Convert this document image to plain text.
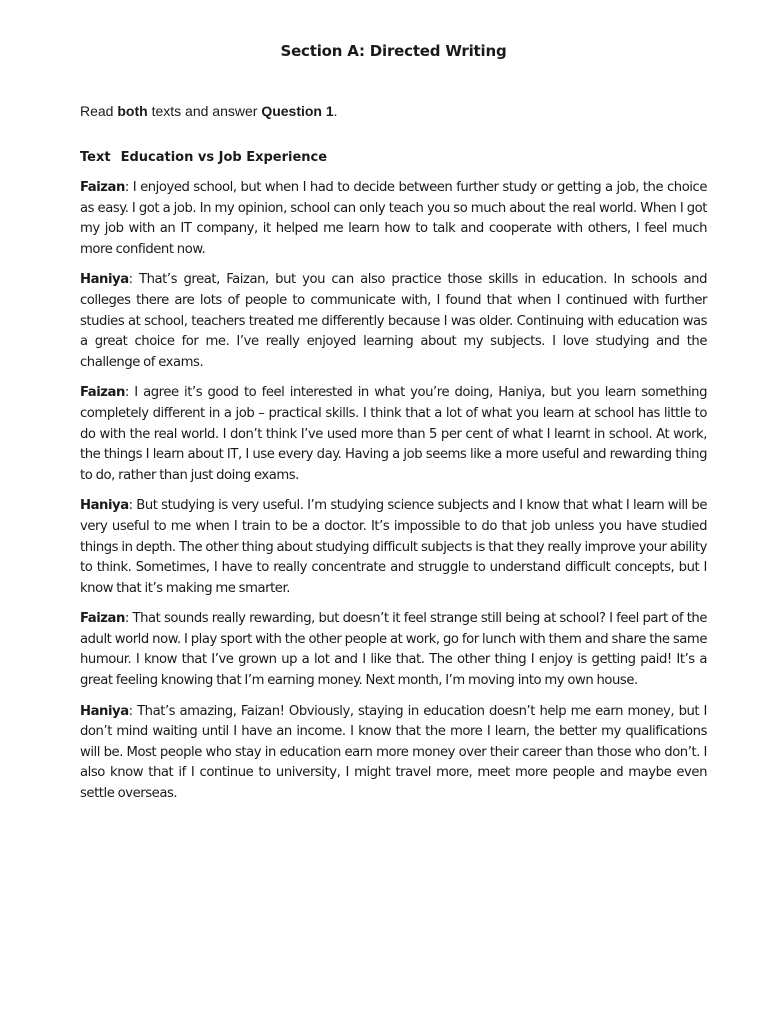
Section A: Directed Writing

Read both texts and answer Question 1.

Text Education vs Job Experience

Faizan: I enjoyed school, but when I had to decide between further study or getting a job, the choice as easy. I got a job. In my opinion, school can only teach you so much about the real world. When I got my job with an IT company, it helped me learn how to talk and cooperate with others, I feel much more confident now.

Haniya: That’s great, Faizan, but you can also practice those skills in education. In schools and colleges there are lots of people to communicate with, I found that when I continued with further studies at school, teachers treated me differently because I was older. Continuing with education was a great choice for me. I’ve really enjoyed learning about my subjects. I love studying and the challenge of exams.

Faizan: I agree it’s good to feel interested in what you’re doing, Haniya, but you learn something completely different in a job – practical skills. I think that a lot of what you learn at school has little to do with the real world. I don’t think I’ve used more than 5 per cent of what I learnt in school. At work, the things I learn about IT, I use every day. Having a job seems like a more useful and rewarding thing to do, rather than just doing exams.

Haniya: But studying is very useful. I’m studying science subjects and I know that what I learn will be very useful to me when I train to be a doctor. It’s impossible to do that job unless you have studied things in depth. The other thing about studying difficult subjects is that they really improve your ability to think. Sometimes, I have to really concentrate and struggle to understand difficult concepts, but I know that it’s making me smarter.

Faizan: That sounds really rewarding, but doesn’t it feel strange still being at school? I feel part of the adult world now. I play sport with the other people at work, go for lunch with them and share the same humour. I know that I’ve grown up a lot and I like that. The other thing I enjoy is getting paid! It’s a great feeling knowing that I’m earning money. Next month, I’m moving into my own house.

Haniya: That’s amazing, Faizan! Obviously, staying in education doesn’t help me earn money, but I don’t mind waiting until I have an income. I know that the more I learn, the better my qualifications will be. Most people who stay in education earn more money over their career than those who don’t. I also know that if I continue to university, I might travel more, meet more people and maybe even settle overseas.
